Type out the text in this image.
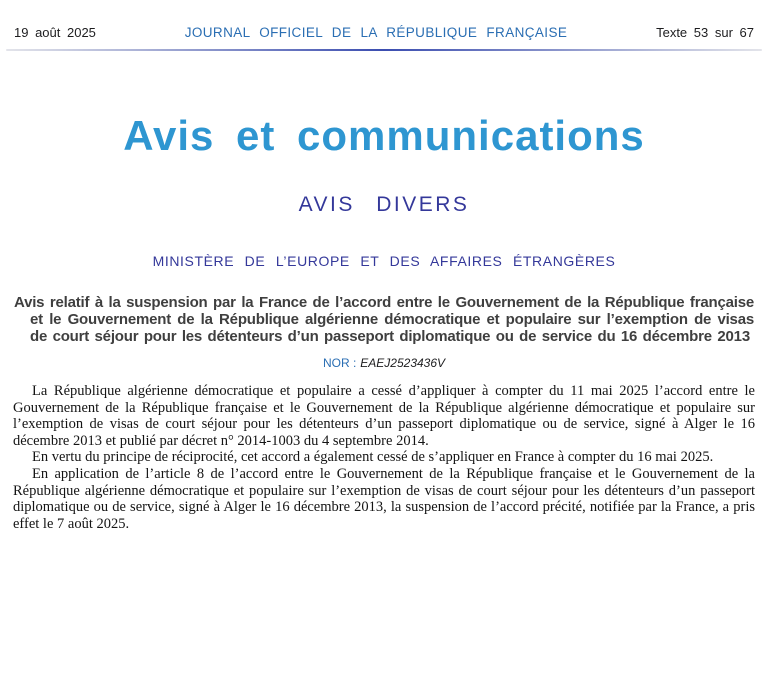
19 août 2025	JOURNAL OFFICIEL DE LA RÉPUBLIQUE FRANÇAISE	Texte 53 sur 67
Avis et communications
AVIS DIVERS
MINISTÈRE DE L’EUROPE ET DES AFFAIRES ÉTRANGÈRES
Avis relatif à la suspension par la France de l’accord entre le Gouvernement de la République française et le Gouvernement de la République algérienne démocratique et populaire sur l’exemption de visas de court séjour pour les détenteurs d’un passeport diplomatique ou de service du 16 décembre 2013
NOR : EAEJ2523436V

La République algérienne démocratique et populaire a cessé d’appliquer à compter du 11 mai 2025 l’accord entre le Gouvernement de la République française et le Gouvernement de la République algérienne démocratique et populaire sur l’exemption de visas de court séjour pour les détenteurs d’un passeport diplomatique ou de service, signé à Alger le 16 décembre 2013 et publié par décret n° 2014-1003 du 4 septembre 2014.

En vertu du principe de réciprocité, cet accord a également cessé de s’appliquer en France à compter du 16 mai 2025.

En application de l’article 8 de l’accord entre le Gouvernement de la République française et le Gouvernement de la République algérienne démocratique et populaire sur l’exemption de visas de court séjour pour les détenteurs d’un passeport diplomatique ou de service, signé à Alger le 16 décembre 2013, la suspension de l’accord précité, notifiée par la France, a pris effet le 7 août 2025.
